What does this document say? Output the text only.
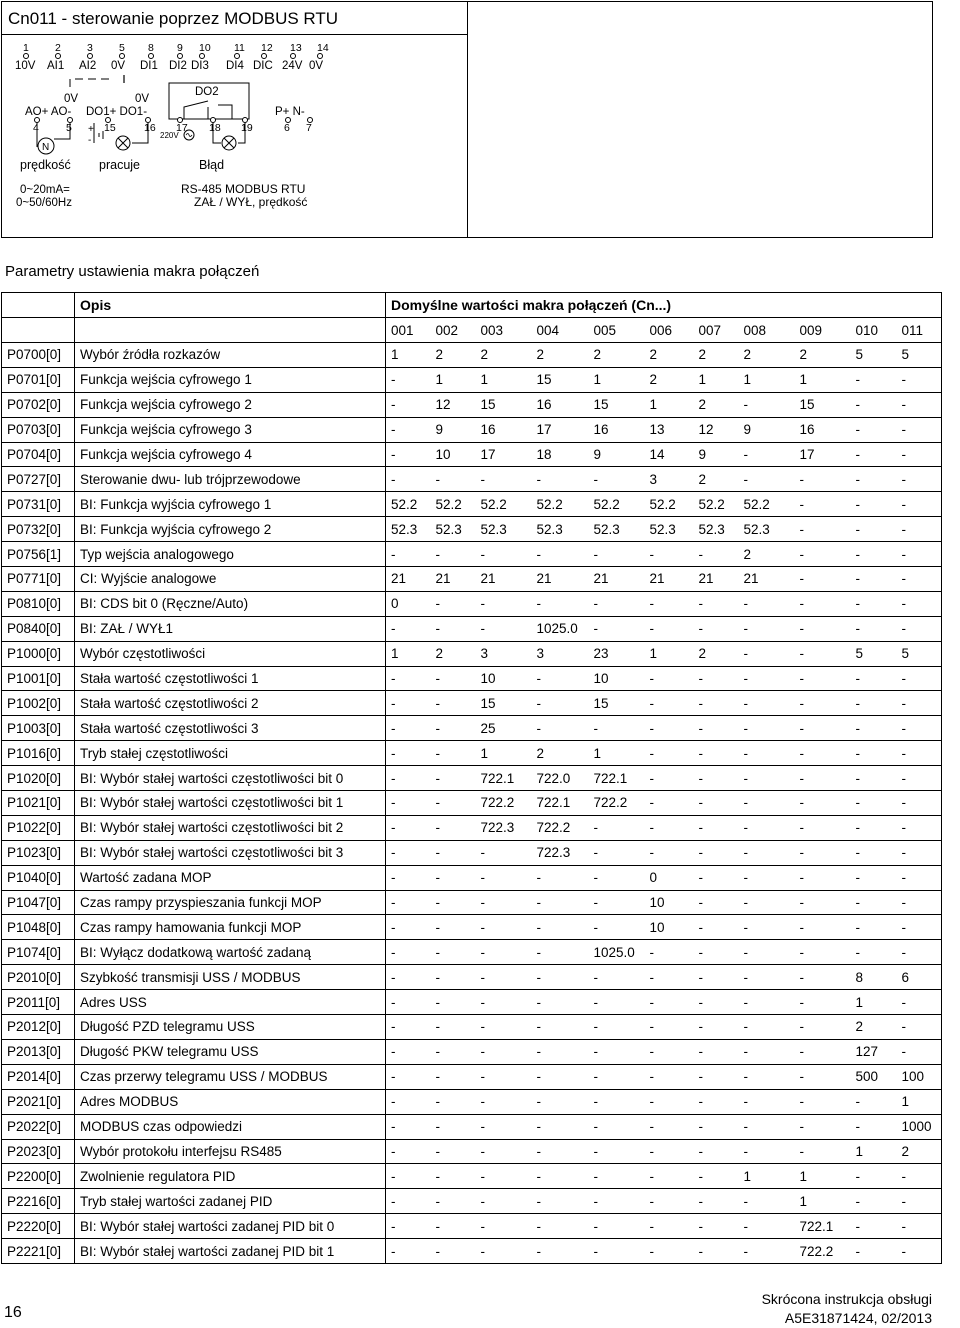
Cn011 - sterowanie poprzez MODBUS RTU
1 2 3 5 8 9 10 11 12 13 14
10V AI1 AI2 0V DI1 DI2 DI3 DI4 DIC 24V 0V
0V	0V
DO2
AO+ AO- DO1+ DO1-	P+ N-
4	5	15	16 17 18 19	6 7
N
+
-	220V
prędkość pracuje	Błąd
0~20mA=
0~50/60Hz
RS-485 MODBUS RTU
ZAŁ / WYŁ, prędkość
Parametry ustawienia makra połączeń
	Opis	Domyślne wartości makra połączeń (Cn...)										
		001	002	003	004	005	006	007	008	009	010	011
P0700[0]	Wybór źródła rozkazów	1	2	2	2	2	2	2	2	2	5	5
P0701[0]	Funkcja wejścia cyfrowego 1	-	1	1	15	1	2	1	1	1	-	-
P0702[0]	Funkcja wejścia cyfrowego 2	-	12	15	16	15	1	2	-	15	-	-
P0703[0]	Funkcja wejścia cyfrowego 3	-	9	16	17	16	13	12	9	16	-	-
P0704[0]	Funkcja wejścia cyfrowego 4	-	10	17	18	9	14	9	-	17	-	-
P0727[0]	Sterowanie dwu- lub trójprzewodowe	-	-	-	-	-	3	2	-	-	-	-
P0731[0]	BI: Funkcja wyjścia cyfrowego 1	52.2	52.2	52.2	52.2	52.2	52.2	52.2	52.2	-	-	-
P0732[0]	BI: Funkcja wyjścia cyfrowego 2	52.3	52.3	52.3	52.3	52.3	52.3	52.3	52.3	-	-	-
P0756[1]	Typ wejścia analogowego	-	-	-	-	-	-	-	2	-	-	-
P0771[0]	CI: Wyjście analogowe	21	21	21	21	21	21	21	21	-	-	-
P0810[0]	BI: CDS bit 0 (Ręczne/Auto)	0	-	-	-	-	-	-	-	-	-	-
P0840[0]	BI: ZAŁ / WYŁ1	-	-	-	1025.0	-	-	-	-	-	-	-
P1000[0]	Wybór częstotliwości	1	2	3	3	23	1	2	-	-	5	5
P1001[0]	Stała wartość częstotliwości 1	-	-	10	-	10	-	-	-	-	-	-
P1002[0]	Stała wartość częstotliwości 2	-	-	15	-	15	-	-	-	-	-	-
P1003[0]	Stała wartość częstotliwości 3	-	-	25	-	-	-	-	-	-	-	-
P1016[0]	Tryb stałej częstotliwości	-	-	1	2	1	-	-	-	-	-	-
P1020[0]	BI: Wybór stałej wartości częstotliwości bit 0	-	-	722.1	722.0	722.1	-	-	-	-	-	-
P1021[0]	BI: Wybór stałej wartości częstotliwości bit 1	-	-	722.2	722.1	722.2	-	-	-	-	-	-
P1022[0]	BI: Wybór stałej wartości częstotliwości bit 2	-	-	722.3	722.2	-	-	-	-	-	-	-
P1023[0]	BI: Wybór stałej wartości częstotliwości bit 3	-	-	-	722.3	-	-	-	-	-	-	-
P1040[0]	Wartość zadana MOP	-	-	-	-	-	0	-	-	-	-	-
P1047[0]	Czas rampy przyspieszania funkcji MOP	-	-	-	-	-	10	-	-	-	-	-
P1048[0]	Czas rampy hamowania funkcji MOP	-	-	-	-	-	10	-	-	-	-	-
P1074[0]	BI: Wyłącz dodatkową wartość zadaną	-	-	-	-	1025.0	-	-	-	-	-	-
P2010[0]	Szybkość transmisji USS / MODBUS	-	-	-	-	-	-	-	-	-	8	6
P2011[0]	Adres USS	-	-	-	-	-	-	-	-	-	1	-
P2012[0]	Długość PZD telegramu USS	-	-	-	-	-	-	-	-	-	2	-
P2013[0]	Długość PKW telegramu USS	-	-	-	-	-	-	-	-	-	127	-
P2014[0]	Czas przerwy telegramu USS / MODBUS	-	-	-	-	-	-	-	-	-	500	100
P2021[0]	Adres MODBUS	-	-	-	-	-	-	-	-	-	-	1
P2022[0]	MODBUS czas odpowiedzi	-	-	-	-	-	-	-	-	-	-	1000
P2023[0]	Wybór protokołu interfejsu RS485	-	-	-	-	-	-	-	-	-	1	2
P2200[0]	Zwolnienie regulatora PID	-	-	-	-	-	-	-	1	1	-	-
P2216[0]	Tryb stałej wartości zadanej PID	-	-	-	-	-	-	-	-	1	-	-
P2220[0]	BI: Wybór stałej wartości zadanej PID bit 0	-	-	-	-	-	-	-	-	722.1	-	-
P2221[0]	BI: Wybór stałej wartości zadanej PID bit 1	-	-	-	-	-	-	-	-	722.2	-	-
16
Skrócona instrukcja obsługi
A5E31871424, 02/2013
